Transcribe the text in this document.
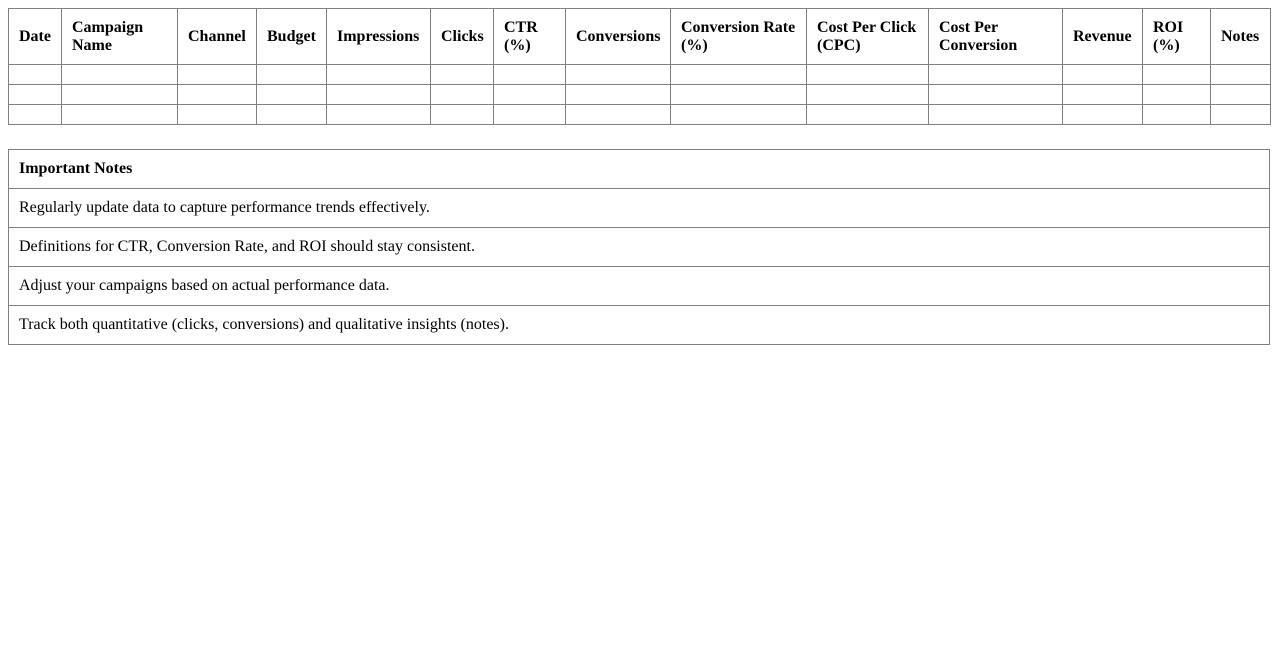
Date	Campaign Name	Channel	Budget	Impressions	Clicks	CTR (%)	Conversions	Conversion Rate (%)	Cost Per Click (CPC)	Cost Per Conversion	Revenue	ROI (%)	Notes

Important Notes
Regularly update data to capture performance trends effectively.
Definitions for CTR, Conversion Rate, and ROI should stay consistent.
Adjust your campaigns based on actual performance data.
Track both quantitative (clicks, conversions) and qualitative insights (notes).
